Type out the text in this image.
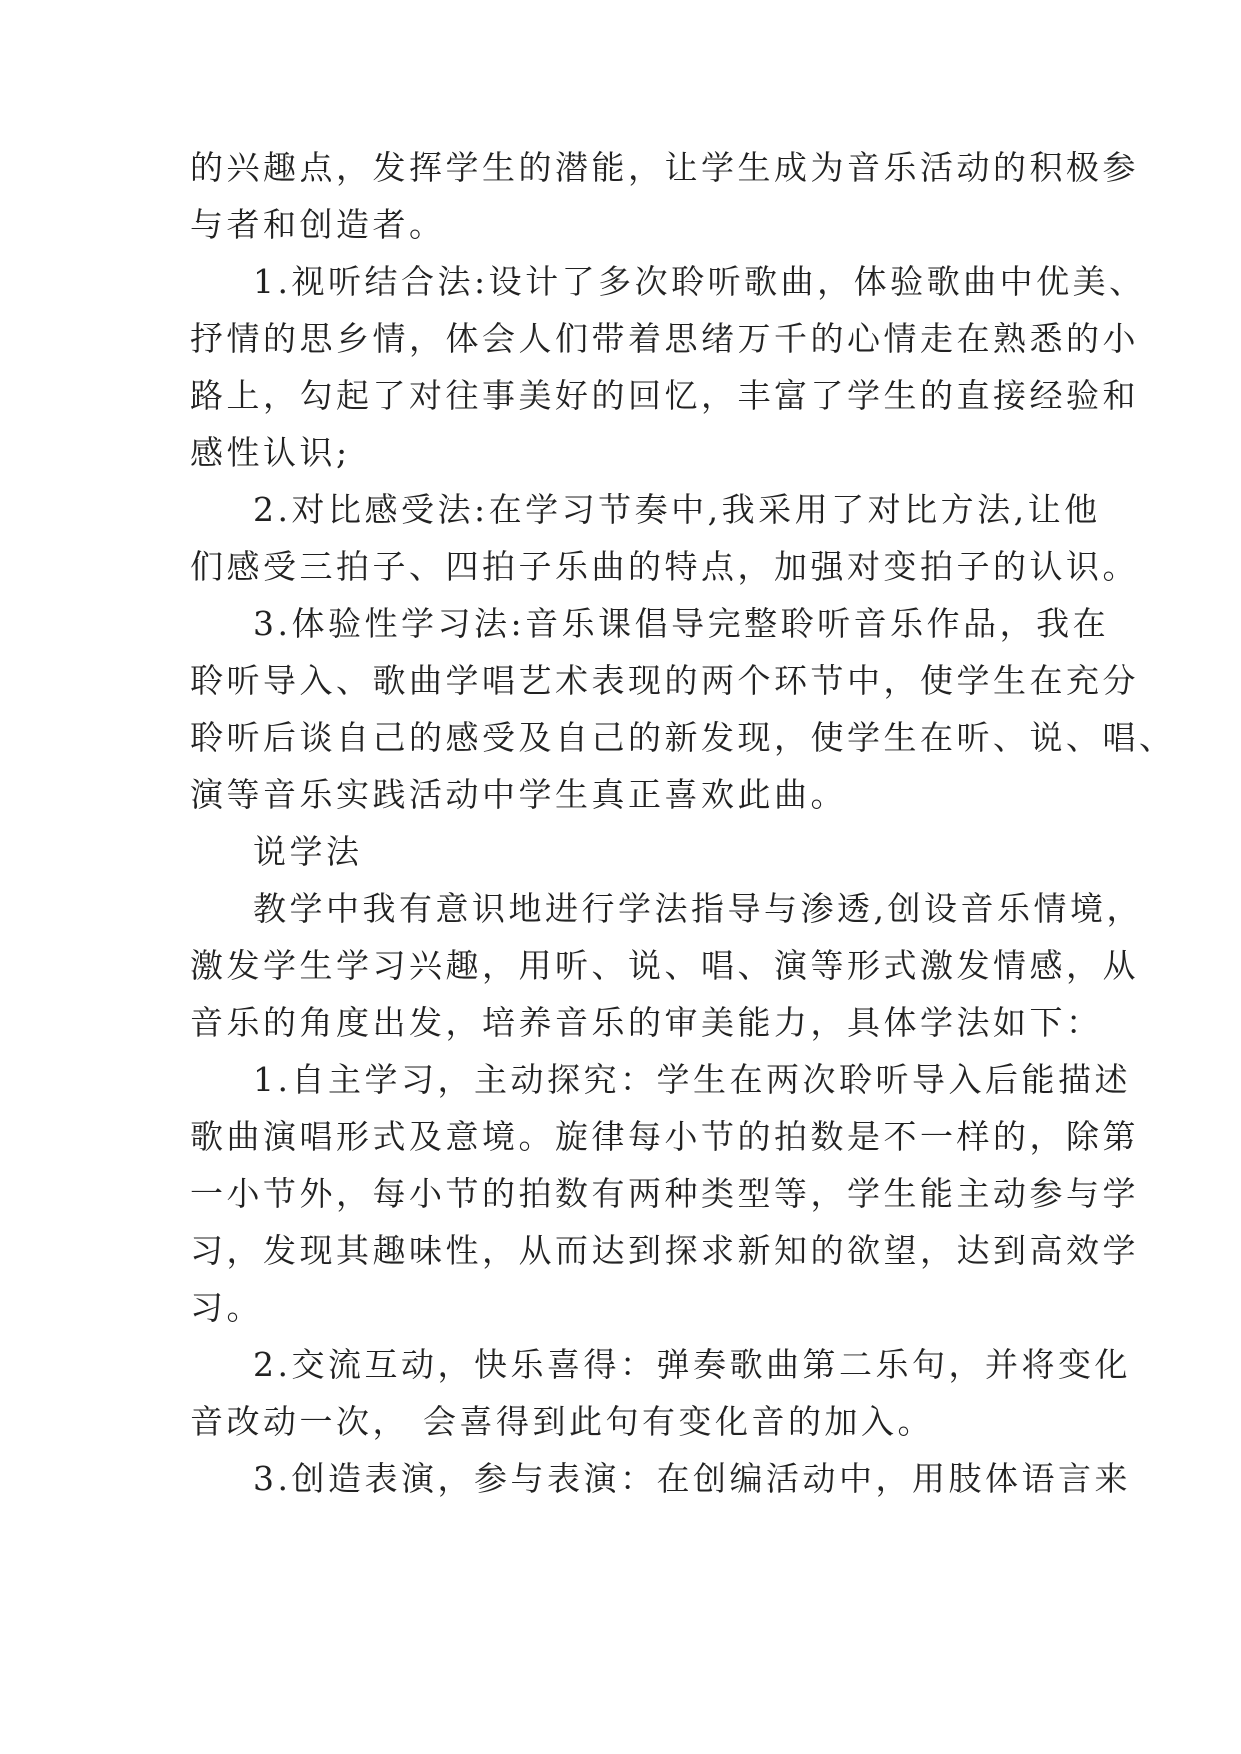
的兴趣点，发挥学生的潜能，让学生成为音乐活动的积极参
与者和创造者。
1.视听结合法:设计了多次聆听歌曲，体验歌曲中优美、
抒情的思乡情，体会人们带着思绪万千的心情走在熟悉的小
路上，勾起了对往事美好的回忆，丰富了学生的直接经验和
感性认识;
2.对比感受法:在学习节奏中,我采用了对比方法,让他
们感受三拍子、四拍子乐曲的特点，加强对变拍子的认识。
3.体验性学习法:音乐课倡导完整聆听音乐作品，我在
聆听导入、歌曲学唱艺术表现的两个环节中，使学生在充分
聆听后谈自己的感受及自己的新发现，使学生在听、说、唱、
演等音乐实践活动中学生真正喜欢此曲。
说学法
教学中我有意识地进行学法指导与渗透,创设音乐情境，
激发学生学习兴趣，用听、说、唱、演等形式激发情感，从
音乐的角度出发，培养音乐的审美能力，具体学法如下：
1.自主学习，主动探究：学生在两次聆听导入后能描述
歌曲演唱形式及意境。旋律每小节的拍数是不一样的，除第
一小节外，每小节的拍数有两种类型等，学生能主动参与学
习，发现其趣味性，从而达到探求新知的欲望，达到高效学
习。
2.交流互动，快乐喜得：弹奏歌曲第二乐句，并将变化
音改动一次， 会喜得到此句有变化音的加入。
3.创造表演，参与表演：在创编活动中，用肢体语言来
